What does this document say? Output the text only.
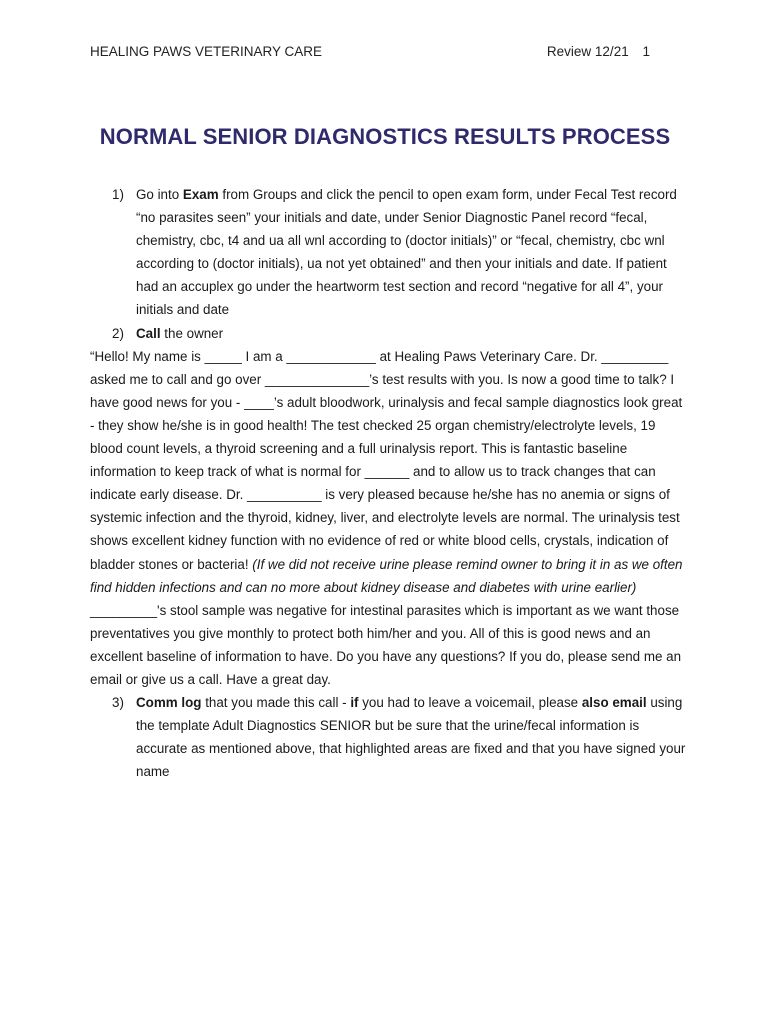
HEALING PAWS VETERINARY CARE	Review 12/21 1
NORMAL SENIOR DIAGNOSTICS RESULTS PROCESS
1) Go into Exam from Groups and click the pencil to open exam form, under Fecal Test record “no parasites seen” your initials and date, under Senior Diagnostic Panel record “fecal, chemistry, cbc, t4 and ua all wnl according to (doctor initials)” or “fecal, chemistry, cbc wnl according to (doctor initials), ua not yet obtained” and then your initials and date. If patient had an accuplex go under the heartworm test section and record “negative for all 4”, your initials and date
2) Call the owner

“Hello! My name is _____ I am a ____________ at Healing Paws Veterinary Care. Dr. _________ asked me to call and go over ______________’s test results with you. Is now a good time to talk? I have good news for you - ____’s adult bloodwork, urinalysis and fecal sample diagnostics look great - they show he/she is in good health! The test checked 25 organ chemistry/electrolyte levels, 19 blood count levels, a thyroid screening and a full urinalysis report. This is fantastic baseline information to keep track of what is normal for ______ and to allow us to track changes that can indicate early disease. Dr. __________ is very pleased because he/she has no anemia or signs of systemic infection and the thyroid, kidney, liver, and electrolyte levels are normal. The urinalysis test shows excellent kidney function with no evidence of red or white blood cells, crystals, indication of bladder stones or bacteria! (If we did not receive urine please remind owner to bring it in as we often find hidden infections and can no more about kidney disease and diabetes with urine earlier) _________'s stool sample was negative for intestinal parasites which is important as we want those preventatives you give monthly to protect both him/her and you. All of this is good news and an excellent baseline of information to have. Do you have any questions? If you do, please send me an email or give us a call. Have a great day.

3) Comm log that you made this call - if you had to leave a voicemail, please also email using the template Adult Diagnostics SENIOR but be sure that the urine/fecal information is accurate as mentioned above, that highlighted areas are fixed and that you have signed your name
